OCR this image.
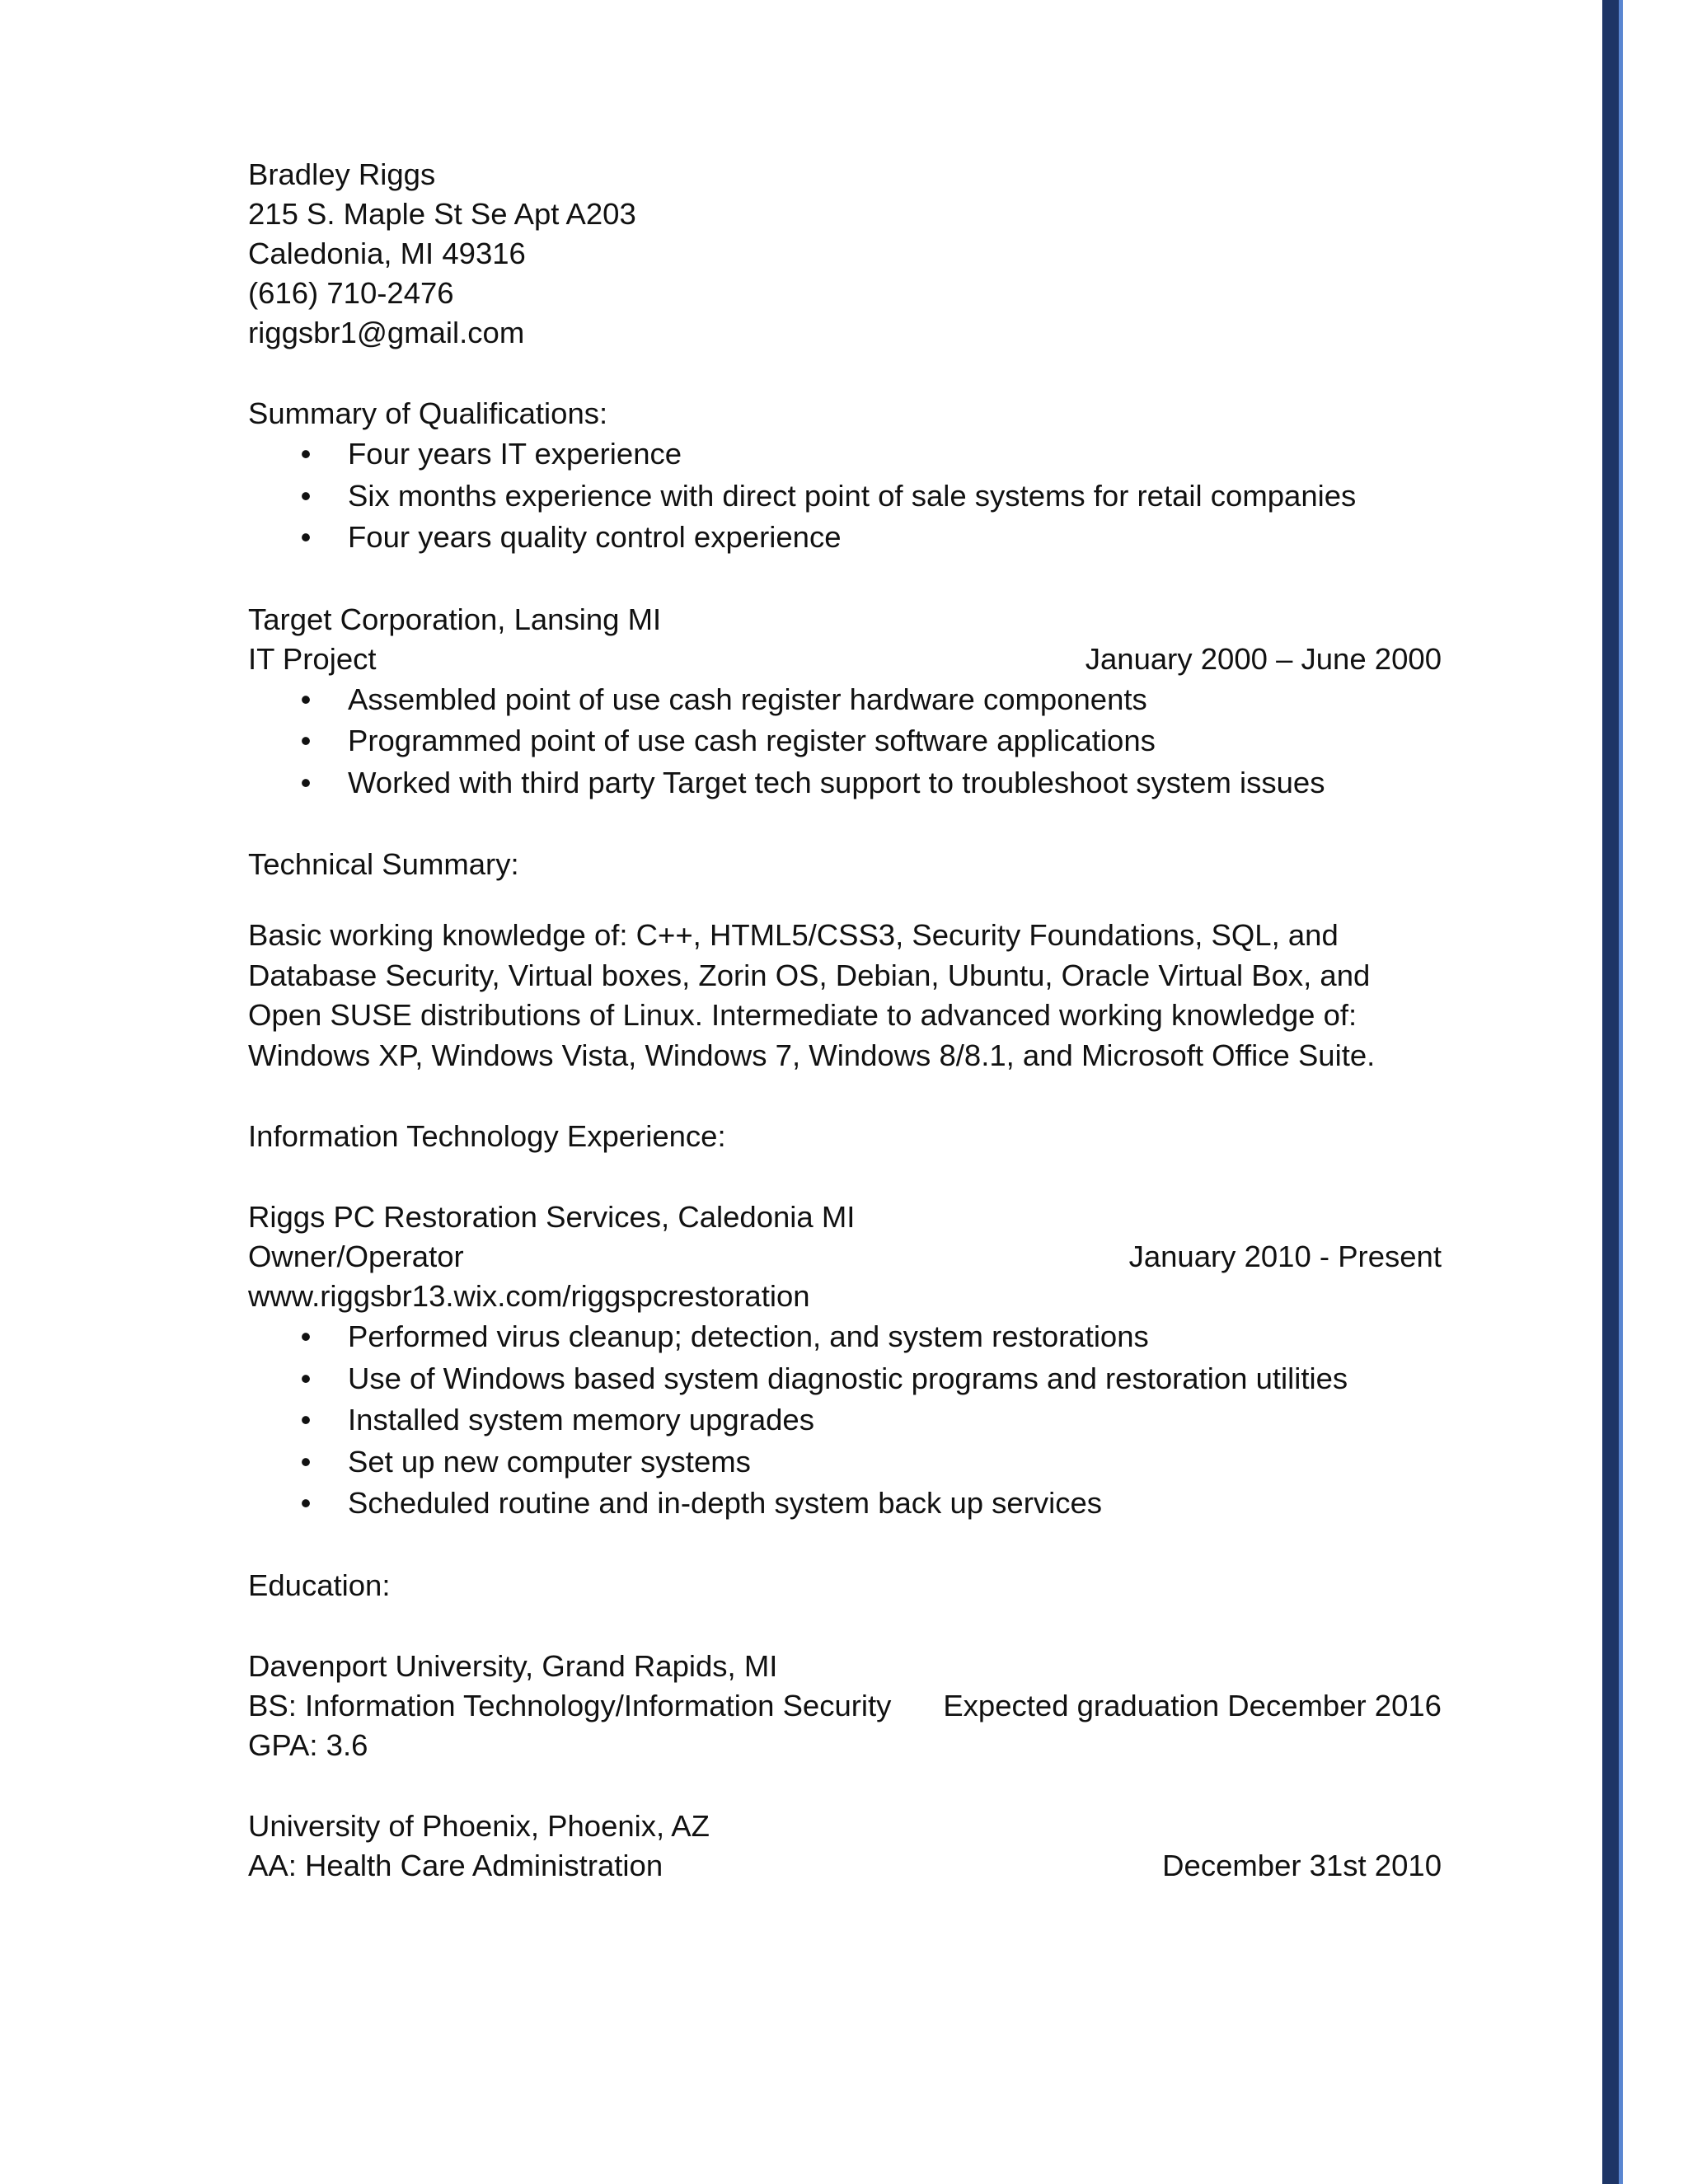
Bradley Riggs
215 S. Maple St Se Apt A203
Caledonia, MI 49316
(616) 710-2476
riggsbr1@gmail.com
Summary of Qualifications:
• Four years IT experience
• Six months experience with direct point of sale systems for retail companies
• Four years quality control experience
Target Corporation, Lansing MI
IT Project	January 2000 – June 2000
• Assembled point of use cash register hardware components
• Programmed point of use cash register software applications
• Worked with third party Target tech support to troubleshoot system issues
Technical Summary:
Basic working knowledge of: C++, HTML5/CSS3, Security Foundations, SQL, and
Database Security, Virtual boxes, Zorin OS, Debian, Ubuntu, Oracle Virtual Box, and
Open SUSE distributions of Linux. Intermediate to advanced working knowledge of:
Windows XP, Windows Vista, Windows 7, Windows 8/8.1, and Microsoft Office Suite.
Information Technology Experience:
Riggs PC Restoration Services, Caledonia MI
Owner/Operator	January 2010 - Present
www.riggsbr13.wix.com/riggspcrestoration
• Performed virus cleanup; detection, and system restorations
• Use of Windows based system diagnostic programs and restoration utilities
• Installed system memory upgrades
• Set up new computer systems
• Scheduled routine and in-depth system back up services
Education:
Davenport University, Grand Rapids, MI
BS: Information Technology/Information Security Expected graduation December 2016
GPA: 3.6
University of Phoenix, Phoenix, AZ
AA: Health Care Administration	December 31st 2010
